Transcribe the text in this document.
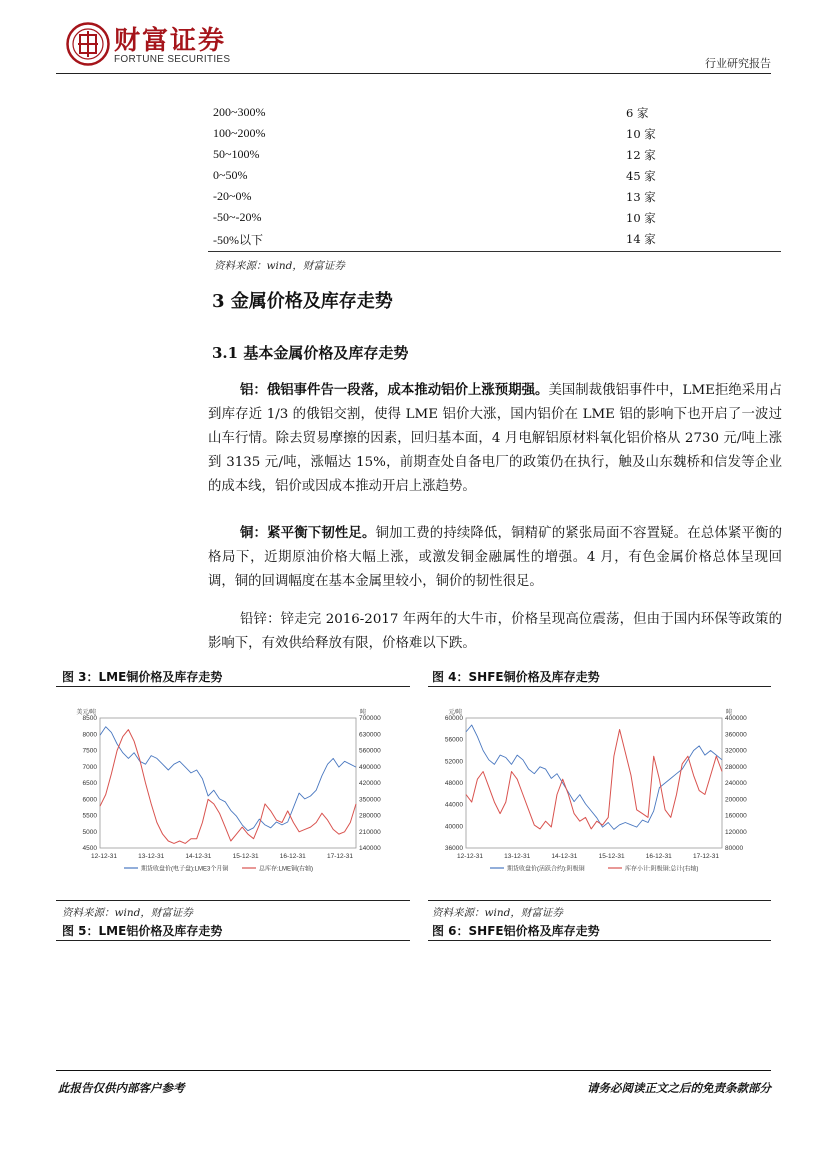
财富证券
FORTUNE SECURITIES	行业研究报告
200~300%	6 家
100~200%	10 家
50~100%	12 家
0~50%	45 家
-20~0%	13 家
-50~-20%	10 家
-50%以下	14 家
资料来源：wind，财富证券
3 金属价格及库存走势
3.1 基本金属价格及库存走势
铝：俄铝事件告一段落，成本推动铝价上涨预期强。美国制裁俄铝事件中，LME拒绝采用占到库存近 1/3 的俄铝交割，使得 LME 铝价大涨，国内铝价在 LME 铝的影响下也开启了一波过山车行情。除去贸易摩擦的因素，回归基本面，4 月电解铝原材料氧化铝价格从 2730 元/吨上涨到 3135 元/吨，涨幅达 15%，前期查处自备电厂的政策仍在执行，触及山东魏桥和信发等企业的成本线，铝价或因成本推动开启上涨趋势。
铜：紧平衡下韧性足。铜加工费的持续降低，铜精矿的紧张局面不容置疑。在总体紧平衡的格局下，近期原油价格大幅上涨，或激发铜金融属性的增强。4 月，有色金属价格总体呈现回调，铜的回调幅度在基本金属里较小，铜价的韧性很足。
铅锌：锌走完 2016-2017 年两年的大牛市，价格呈现高位震荡，但由于国内环保等政策的影响下，有效供给释放有限，价格难以下跌。
图 3：LME铜价格及库存走势	图 4：SHFE铜价格及库存走势
美元/吨	吨
8500
8000
7500
7000
6500
6000
5500
5000
4500
700000
630000
560000
490000
420000
350000
280000
210000
140000
12-12-31	13-12-31	14-12-31	15-12-31	16-12-31	17-12-31
期货收盘价(电子盘):LME3个月铜	总库存:LME铜(右轴)
元/吨	吨
60000
56000
52000
48000
44000
40000
36000
400000
360000
320000
280000
240000
200000
160000
120000
80000
12-12-31	13-12-31	14-12-31	15-12-31	16-12-31	17-12-31
期货收盘价(活跃合约):阴极铜	库存小计:阴极铜:总计(右轴)
资料来源：wind，财富证券	资料来源：wind，财富证券
图 5：LME铝价格及库存走势	图 6：SHFE铝价格及库存走势
此报告仅供内部客户参考	请务必阅读正文之后的免责条款部分
